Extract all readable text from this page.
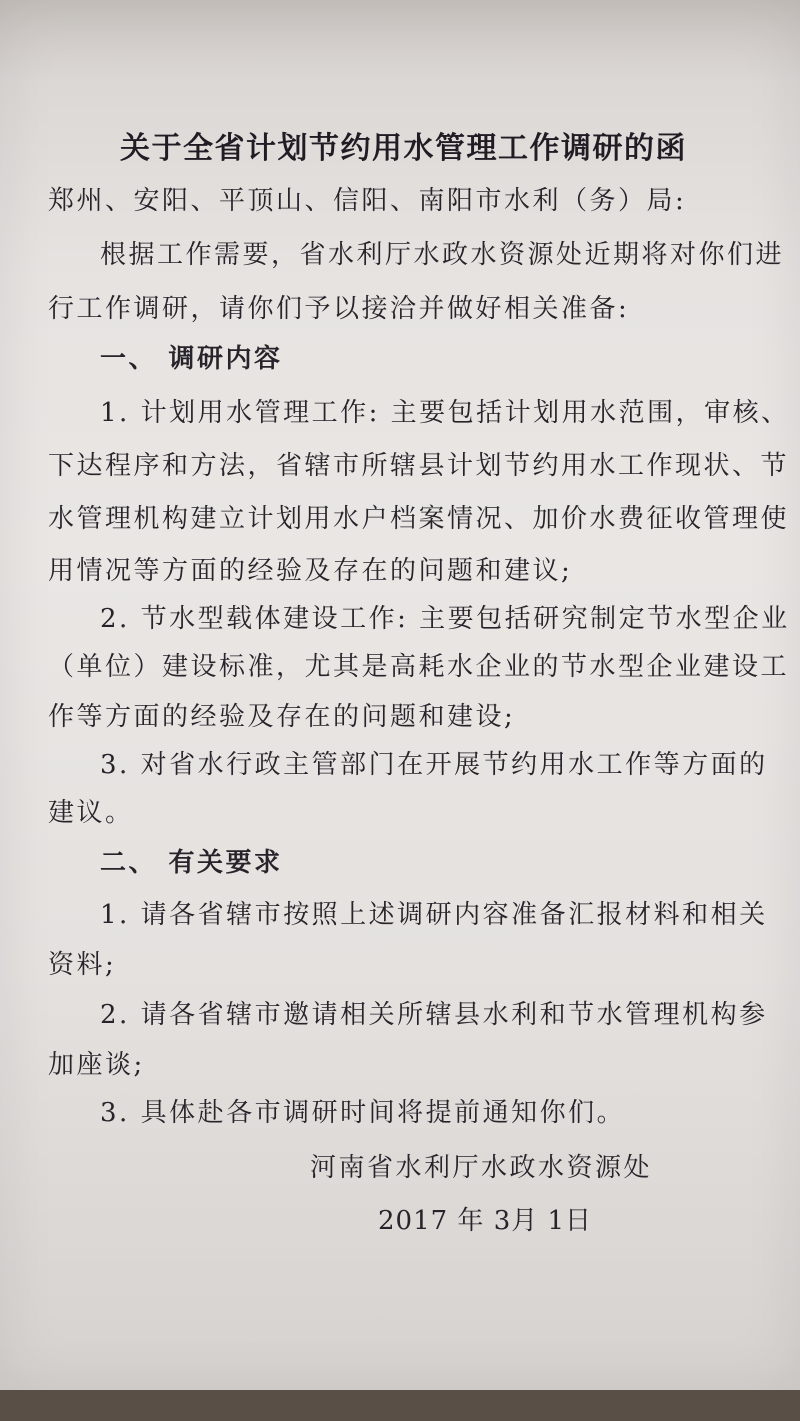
关于全省计划节约用水管理工作调研的函
郑州、安阳、平顶山、信阳、南阳市水利（务）局:
根据工作需要，省水利厅水政水资源处近期将对你们进
行工作调研，请你们予以接洽并做好相关准备:
一、 调研内容
1. 计划用水管理工作: 主要包括计划用水范围，审核、
下达程序和方法，省辖市所辖县计划节约用水工作现状、节
水管理机构建立计划用水户档案情况、加价水费征收管理使
用情况等方面的经验及存在的问题和建议;
2. 节水型载体建设工作: 主要包括研究制定节水型企业
（单位）建设标准，尤其是高耗水企业的节水型企业建设工
作等方面的经验及存在的问题和建设;
3. 对省水行政主管部门在开展节约用水工作等方面的
建议。
二、 有关要求
1. 请各省辖市按照上述调研内容准备汇报材料和相关
资料;
2. 请各省辖市邀请相关所辖县水利和节水管理机构参
加座谈;
3. 具体赴各市调研时间将提前通知你们。
河南省水利厅水政水资源处
2017 年 3月 1日
